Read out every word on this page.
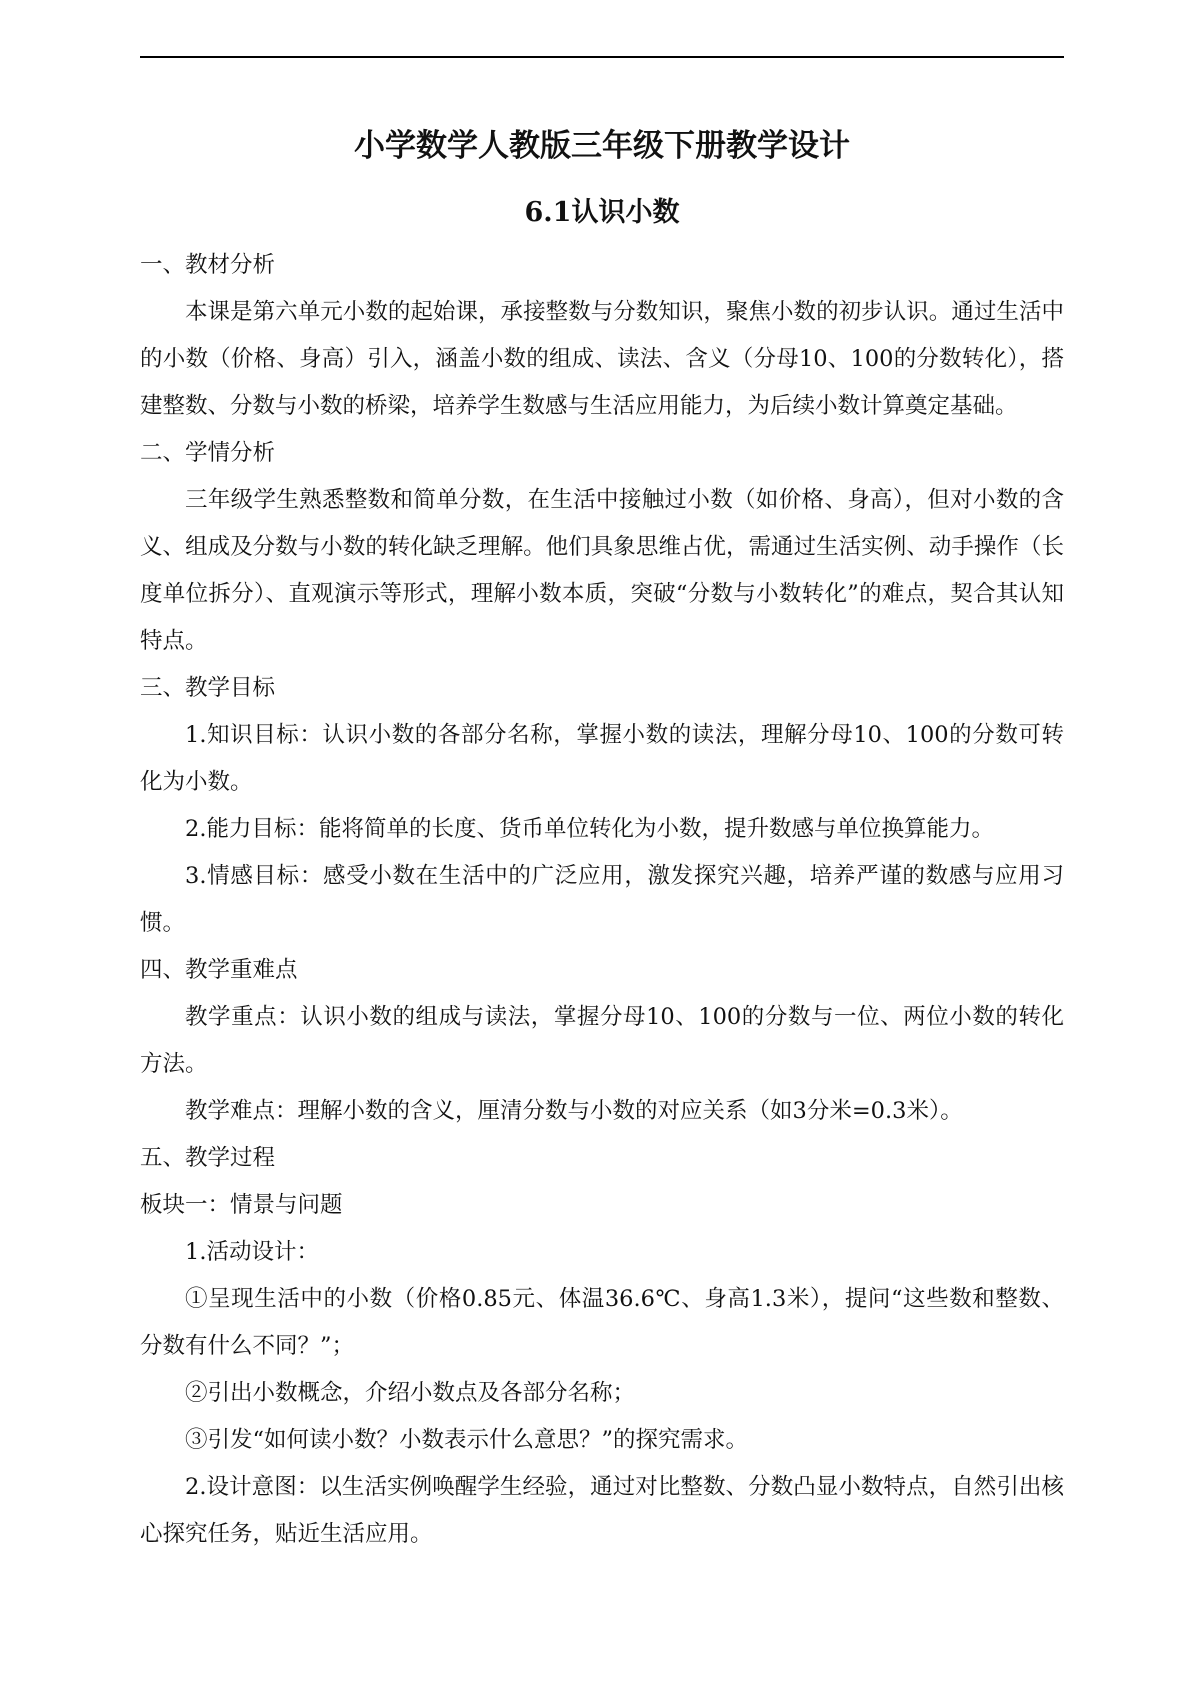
小学数学人教版三年级下册教学设计
6.1认识小数
一、教材分析

本课是第六单元小数的起始课，承接整数与分数知识，聚焦小数的初步认识。通过生活中的小数（价格、身高）引入，涵盖小数的组成、读法、含义（分母10、100的分数转化），搭建整数、分数与小数的桥梁，培养学生数感与生活应用能力，为后续小数计算奠定基础。

二、学情分析

三年级学生熟悉整数和简单分数，在生活中接触过小数（如价格、身高），但对小数的含义、组成及分数与小数的转化缺乏理解。他们具象思维占优，需通过生活实例、动手操作（长度单位拆分）、直观演示等形式，理解小数本质，突破“分数与小数转化”的难点，契合其认知特点。

三、教学目标

1.知识目标：认识小数的各部分名称，掌握小数的读法，理解分母10、100的分数可转化为小数。

2.能力目标：能将简单的长度、货币单位转化为小数，提升数感与单位换算能力。

3.情感目标：感受小数在生活中的广泛应用，激发探究兴趣，培养严谨的数感与应用习惯。

四、教学重难点

教学重点：认识小数的组成与读法，掌握分母10、100的分数与一位、两位小数的转化方法。

教学难点：理解小数的含义，厘清分数与小数的对应关系（如3分米=0.3米）。

五、教学过程

板块一：情景与问题

1.活动设计：

①呈现生活中的小数（价格0.85元、体温36.6℃、身高1.3米），提问“这些数和整数、分数有什么不同？”；

②引出小数概念，介绍小数点及各部分名称；

③引发“如何读小数？小数表示什么意思？”的探究需求。

2.设计意图：以生活实例唤醒学生经验，通过对比整数、分数凸显小数特点，自然引出核心探究任务，贴近生活应用。
